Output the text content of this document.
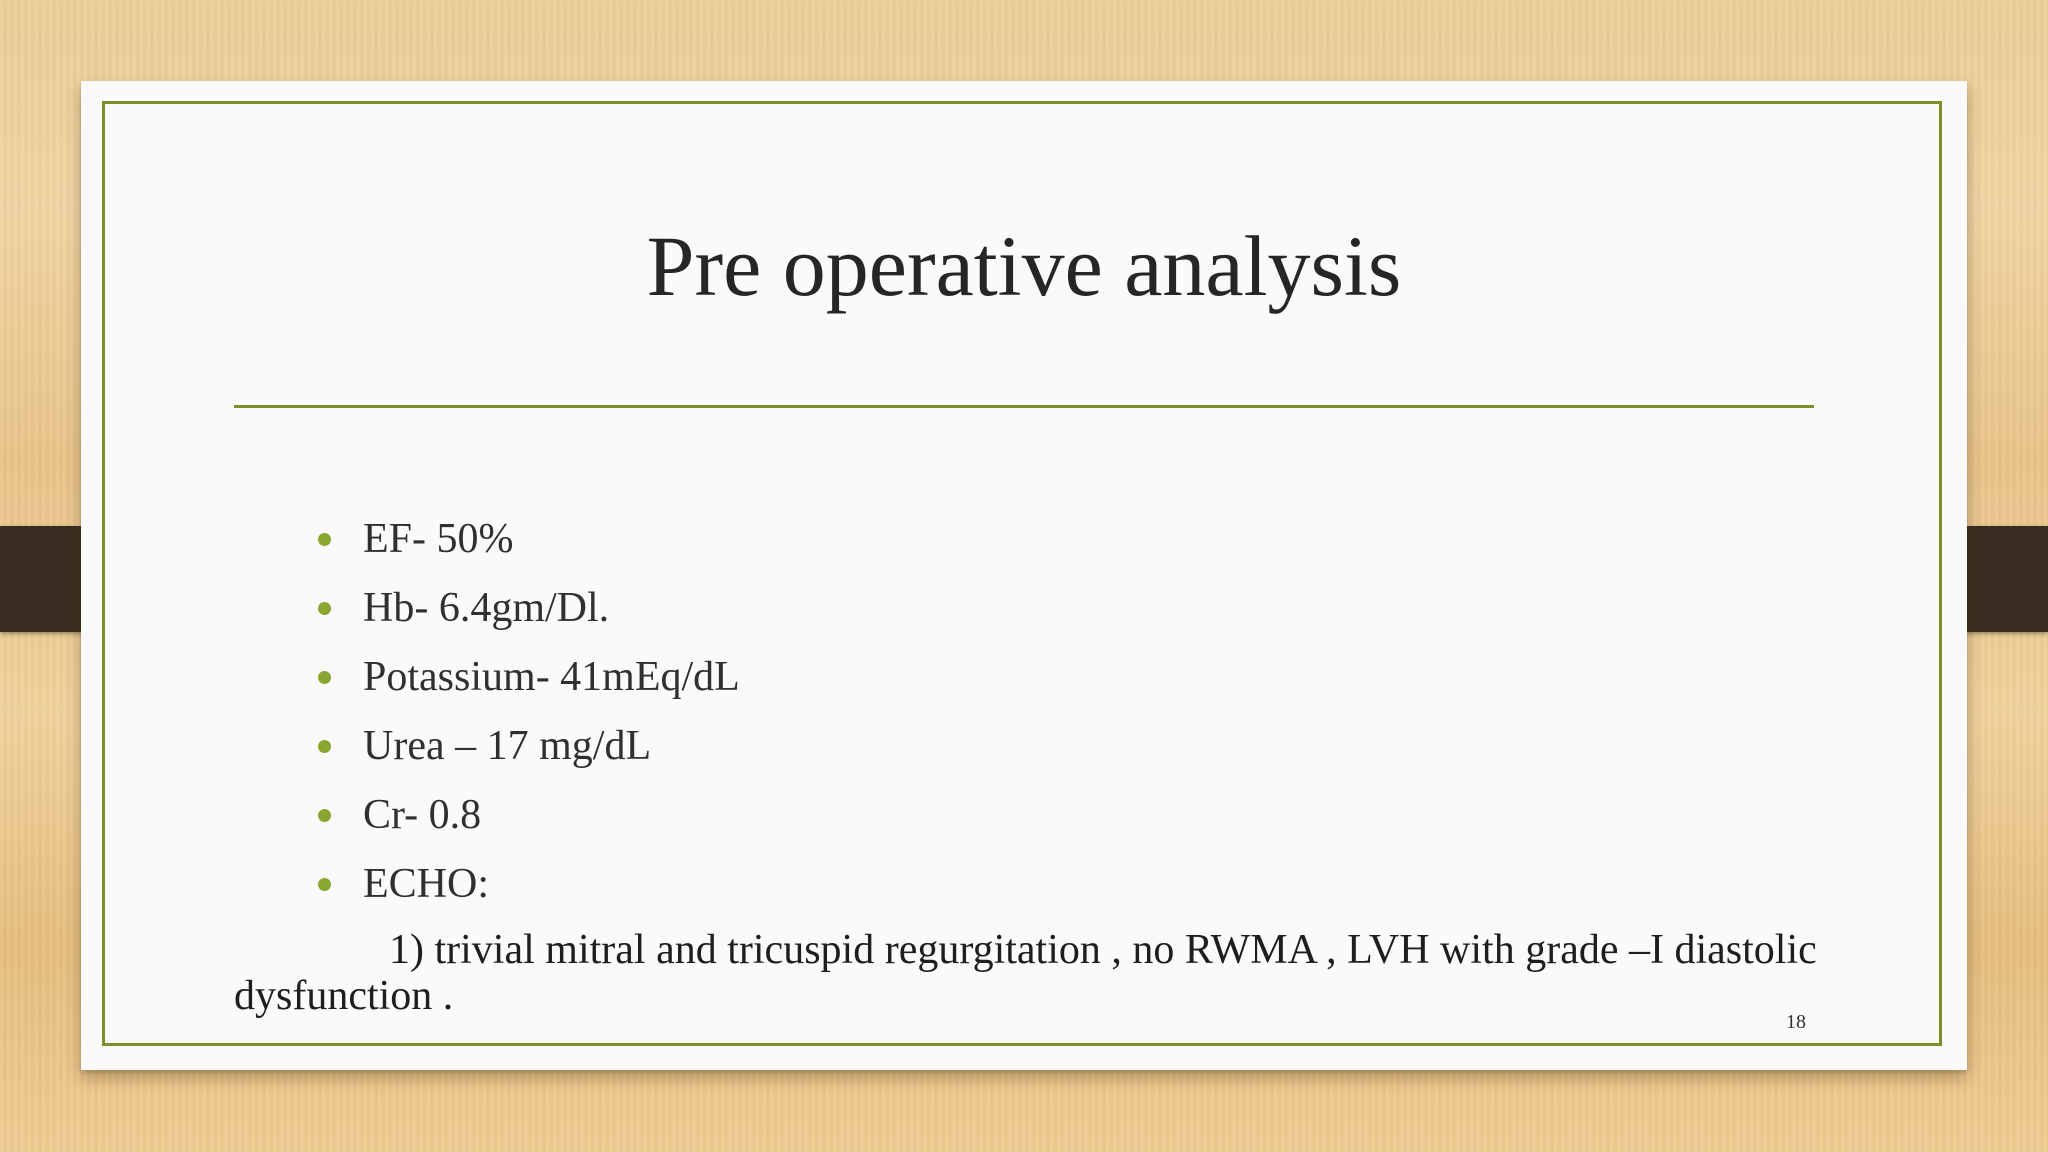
Pre operative analysis
EF- 50%
Hb- 6.4gm/Dl.
Potassium- 41mEq/dL
Urea – 17 mg/dL
Cr- 0.8
ECHO:

1) trivial mitral and tricuspid regurgitation , no RWMA , LVH with grade –I diastolic dysfunction .

18
